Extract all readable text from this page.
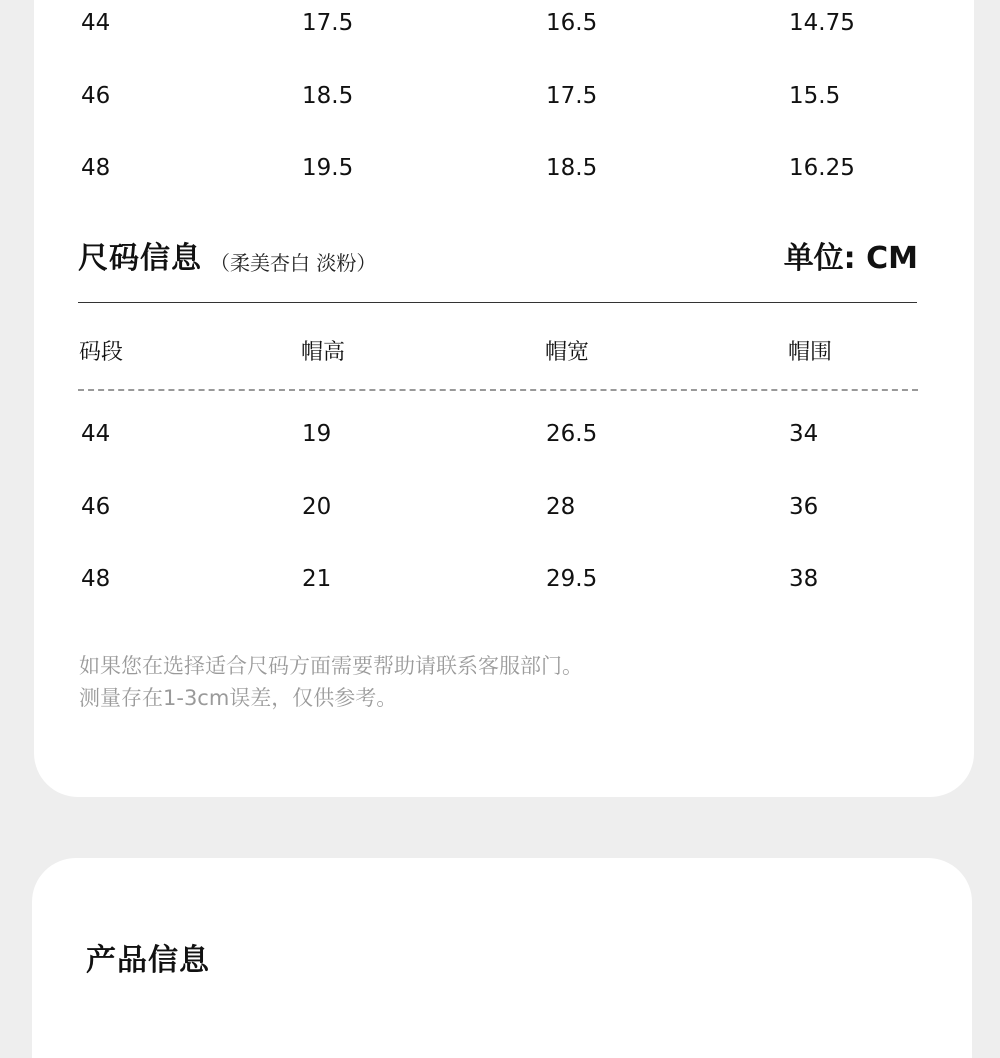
44	17.5	16.5	14.75
46	18.5	17.5	15.5
48	19.5	18.5	16.25
尺码信息 （柔美杏白 淡粉）	单位: CM
码段	帽高	帽宽	帽围
44	19	26.5	34
46	20	28	36
48	21	29.5	38
如果您在选择适合尺码方面需要帮助请联系客服部门。
测量存在1-3cm误差，仅供参考。
产品信息
